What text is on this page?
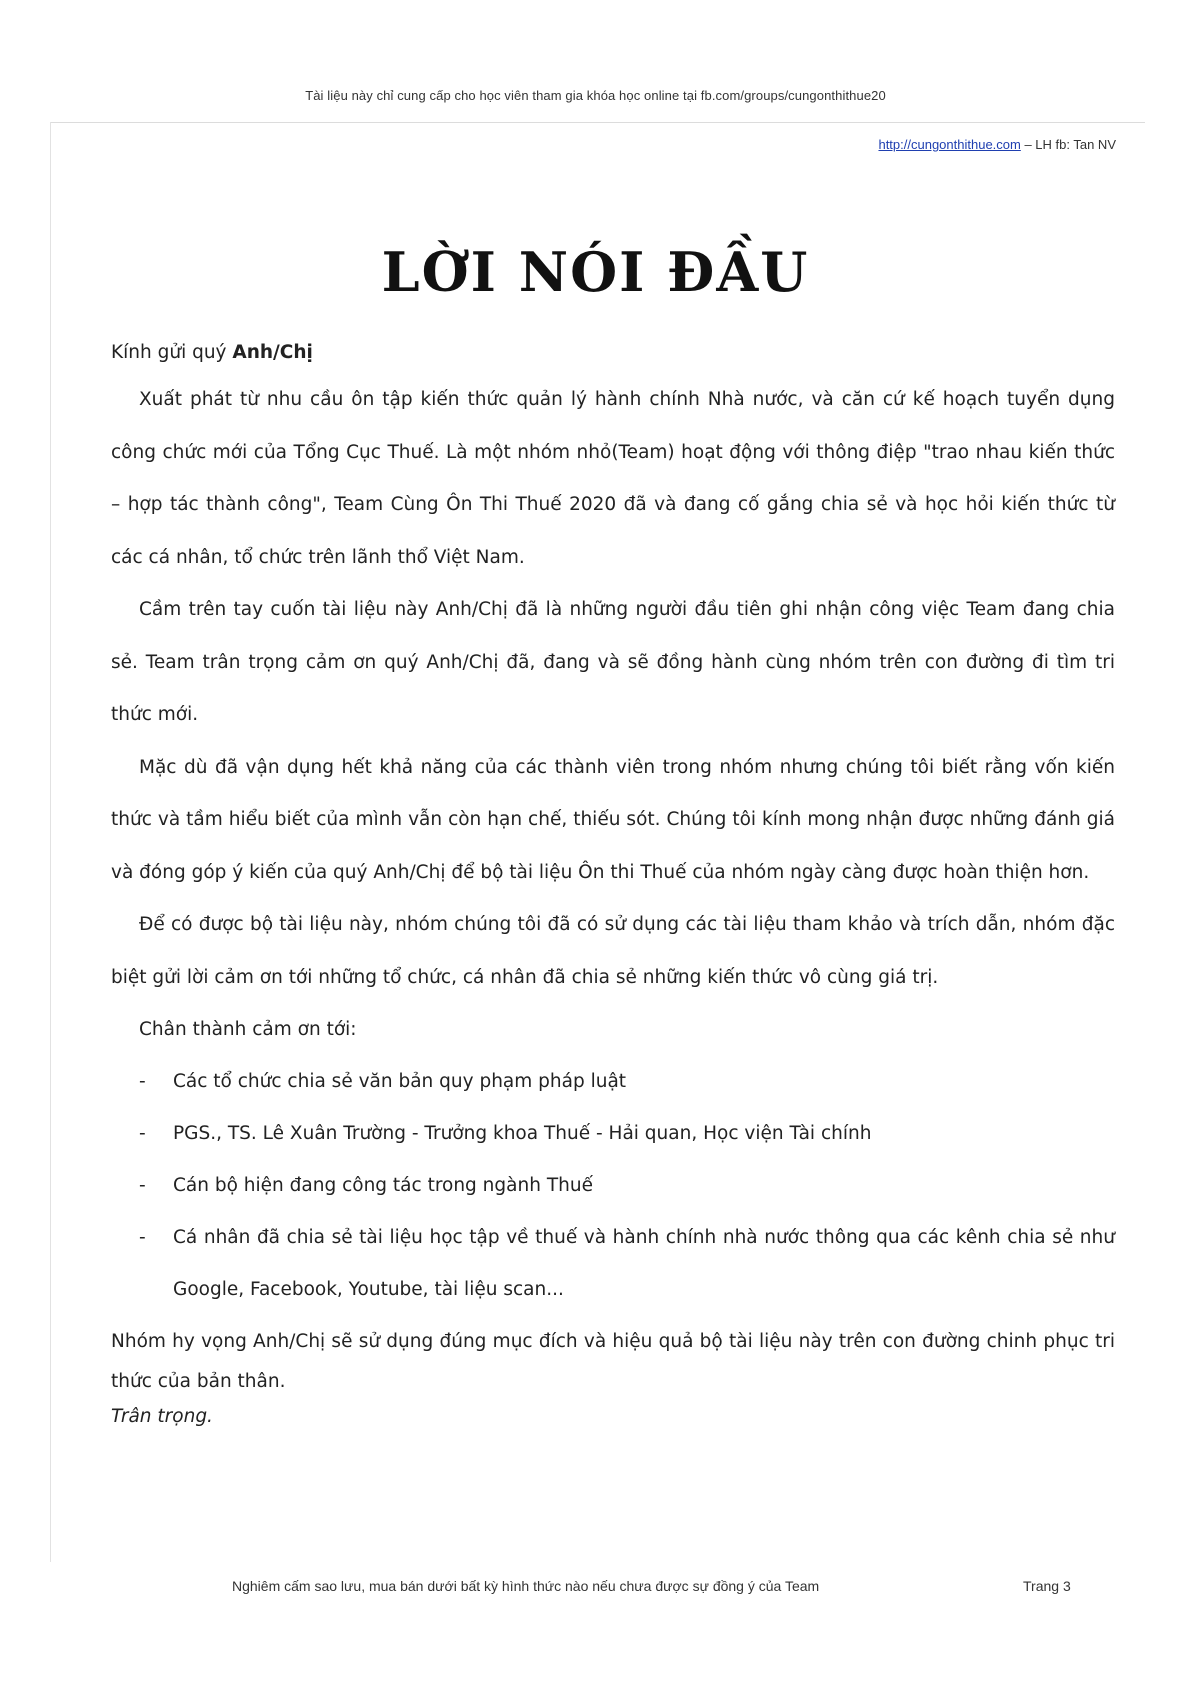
Tài liệu này chỉ cung cấp cho học viên tham gia khóa học online tại fb.com/groups/cungonthithue20
http://cungonthithue.com – LH fb: Tan NV
LỜI NÓI ĐẦU

Kính gửi quý Anh/Chị

Xuất phát từ nhu cầu ôn tập kiến thức quản lý hành chính Nhà nước, và căn cứ kế hoạch tuyển dụng công chức mới của Tổng Cục Thuế. Là một nhóm nhỏ(Team) hoạt động với thông điệp "trao nhau kiến thức – hợp tác thành công", Team Cùng Ôn Thi Thuế 2020 đã và đang cố gắng chia sẻ và học hỏi kiến thức từ các cá nhân, tổ chức trên lãnh thổ Việt Nam.

Cầm trên tay cuốn tài liệu này Anh/Chị đã là những người đầu tiên ghi nhận công việc Team đang chia sẻ. Team trân trọng cảm ơn quý Anh/Chị đã, đang và sẽ đồng hành cùng nhóm trên con đường đi tìm tri thức mới.

Mặc dù đã vận dụng hết khả năng của các thành viên trong nhóm nhưng chúng tôi biết rằng vốn kiến thức và tầm hiểu biết của mình vẫn còn hạn chế, thiếu sót. Chúng tôi kính mong nhận được những đánh giá và đóng góp ý kiến của quý Anh/Chị để bộ tài liệu Ôn thi Thuế của nhóm ngày càng được hoàn thiện hơn.

Để có được bộ tài liệu này, nhóm chúng tôi đã có sử dụng các tài liệu tham khảo và trích dẫn, nhóm đặc biệt gửi lời cảm ơn tới những tổ chức, cá nhân đã chia sẻ những kiến thức vô cùng giá trị.

Chân thành cảm ơn tới:

- Các tổ chức chia sẻ văn bản quy phạm pháp luật
- PGS., TS. Lê Xuân Trường - Trưởng khoa Thuế - Hải quan, Học viện Tài chính
- Cán bộ hiện đang công tác trong ngành Thuế
- Cá nhân đã chia sẻ tài liệu học tập về thuế và hành chính nhà nước thông qua các kênh chia sẻ như Google, Facebook, Youtube, tài liệu scan...

Nhóm hy vọng Anh/Chị sẽ sử dụng đúng mục đích và hiệu quả bộ tài liệu này trên con đường chinh phục tri thức của bản thân.

Trân trọng.

Nghiêm cấm sao lưu, mua bán dưới bất kỳ hình thức nào nếu chưa được sự đồng ý của Team	Trang 3
